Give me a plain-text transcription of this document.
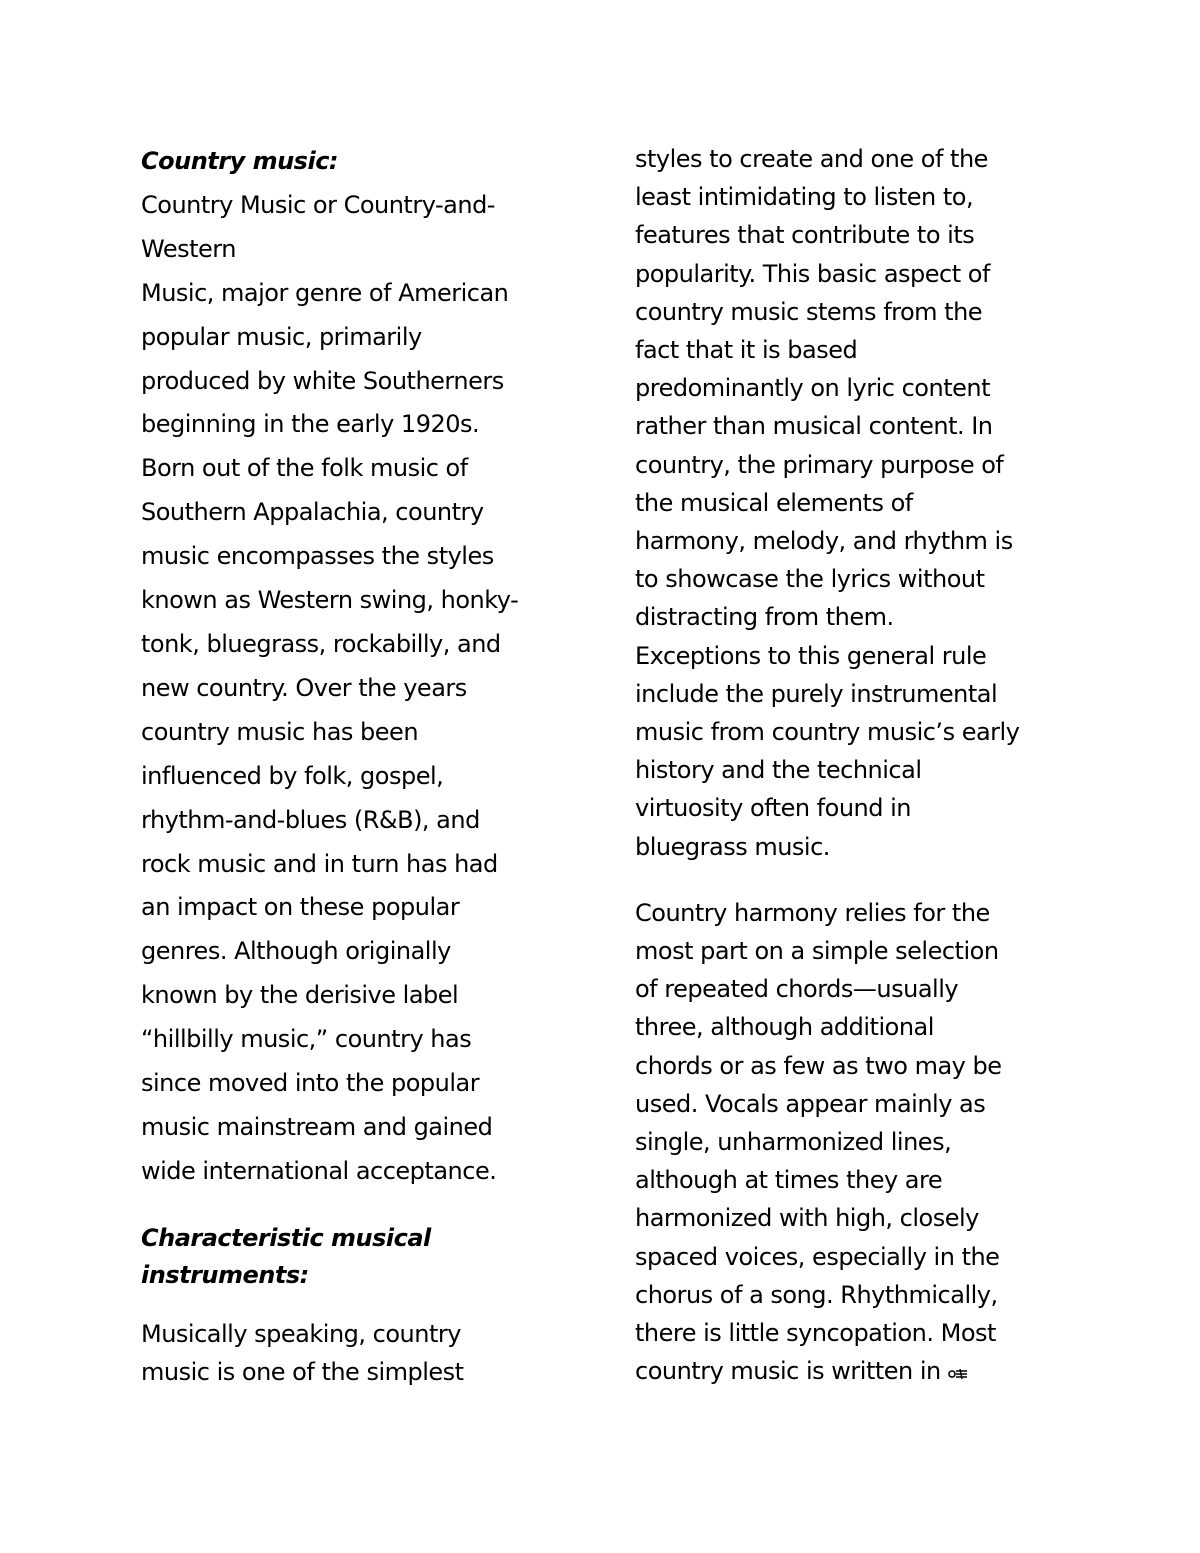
Country music:
Country Music or Country-and-
Western
Music, major genre of American
popular music, primarily
produced by white Southerners
beginning in the early 1920s.
Born out of the folk music of
Southern Appalachia, country
music encompasses the styles
known as Western swing, honky-
tonk, bluegrass, rockabilly, and
new country. Over the years
country music has been
influenced by folk, gospel,
rhythm-and-blues (R&B), and
rock music and in turn has had
an impact on these popular
genres. Although originally
known by the derisive label
“hillbilly music,” country has
since moved into the popular
music mainstream and gained
wide international acceptance.
Characteristic musical
instruments:
Musically speaking, country
music is one of the simplest
styles to create and one of the
least intimidating to listen to,
features that contribute to its
popularity. This basic aspect of
country music stems from the
fact that it is based
predominantly on lyric content
rather than musical content. In
country, the primary purpose of
the musical elements of
harmony, melody, and rhythm is
to showcase the lyrics without
distracting from them.
Exceptions to this general rule
include the purely instrumental
music from country music’s early
history and the technical
virtuosity often found in
bluegrass music.
Country harmony relies for the
most part on a simple selection
of repeated chords—usually
three, although additional
chords or as few as two may be
used. Vocals appear mainly as
single, unharmonized lines,
although at times they are
harmonized with high, closely
spaced voices, especially in the
chorus of a song. Rhythmically,
there is little syncopation. Most
country music is written in
